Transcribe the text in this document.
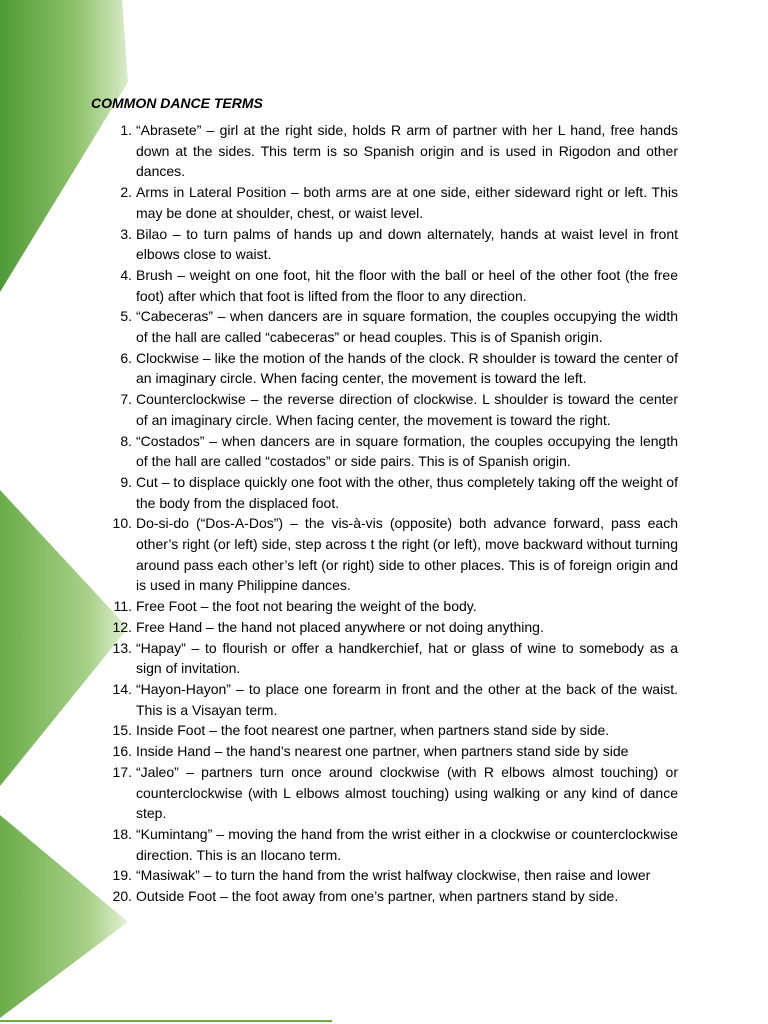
COMMON DANCE TERMS
1. “Abrasete” – girl at the right side, holds R arm of partner with her L hand, free hands down at the sides. This term is so Spanish origin and is used in Rigodon and other dances.
2. Arms in Lateral Position – both arms are at one side, either sideward right or left. This may be done at shoulder, chest, or waist level.
3. Bilao – to turn palms of hands up and down alternately, hands at waist level in front elbows close to waist.
4. Brush – weight on one foot, hit the floor with the ball or heel of the other foot (the free foot) after which that foot is lifted from the floor to any direction.
5. “Cabeceras” – when dancers are in square formation, the couples occupying the width of the hall are called “cabeceras” or head couples. This is of Spanish origin.
6. Clockwise – like the motion of the hands of the clock. R shoulder is toward the center of an imaginary circle. When facing center, the movement is toward the left.
7. Counterclockwise – the reverse direction of clockwise. L shoulder is toward the center of an imaginary circle. When facing center, the movement is toward the right.
8. “Costados” – when dancers are in square formation, the couples occupying the length of the hall are called “costados” or side pairs. This is of Spanish origin.
9. Cut – to displace quickly one foot with the other, thus completely taking off the weight of the body from the displaced foot.
10. Do-si-do (“Dos-A-Dos”) – the vis-à-vis (opposite) both advance forward, pass each other’s right (or left) side, step across t the right (or left), move backward without turning around pass each other’s left (or right) side to other places. This is of foreign origin and is used in many Philippine dances.
11. Free Foot – the foot not bearing the weight of the body.
12. Free Hand – the hand not placed anywhere or not doing anything.
13. “Hapay” – to flourish or offer a handkerchief, hat or glass of wine to somebody as a sign of invitation.
14. “Hayon-Hayon” – to place one forearm in front and the other at the back of the waist. This is a Visayan term.
15. Inside Foot – the foot nearest one partner, when partners stand side by side.
16. Inside Hand – the hand’s nearest one partner, when partners stand side by side
17. “Jaleo” – partners turn once around clockwise (with R elbows almost touching) or counterclockwise (with L elbows almost touching) using walking or any kind of dance step.
18. “Kumintang” – moving the hand from the wrist either in a clockwise or counterclockwise direction. This is an Ilocano term.
19. “Masiwak” – to turn the hand from the wrist halfway clockwise, then raise and lower
20. Outside Foot – the foot away from one’s partner, when partners stand by side.
